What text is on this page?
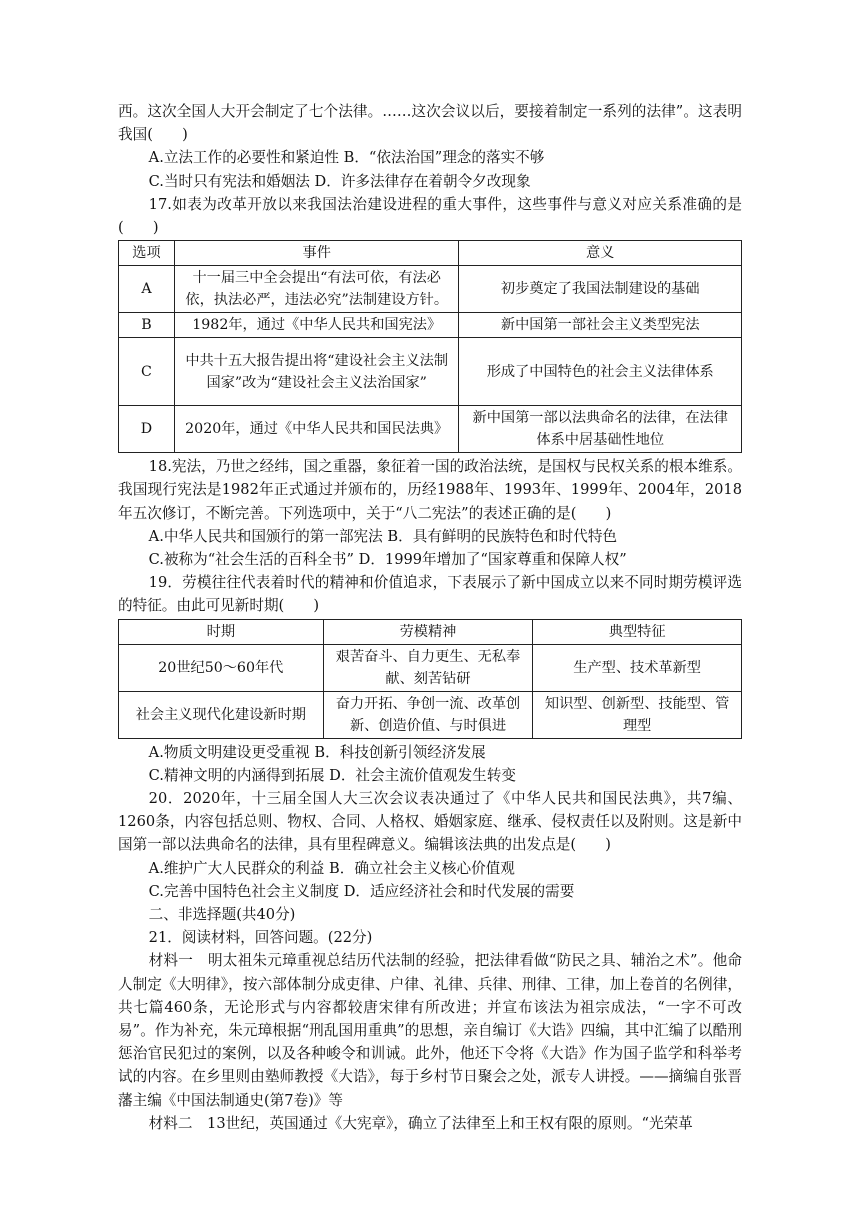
西。这次全国人大开会制定了七个法律。……这次会议以后，要接着制定一系列的法律”。这表明我国(　　)

A.立法工作的必要性和紧迫性 B．“依法治国”理念的落实不够

C.当时只有宪法和婚姻法 D．许多法律存在着朝令夕改现象

17.如表为改革开放以来我国法治建设进程的重大事件，这些事件与意义对应关系准确的是(　　)

选项	事件	意义
A	十一届三中全会提出“有法可依，有法必依，执法必严，违法必究”法制建设方针。	初步奠定了我国法制建设的基础
B	1982年，通过《中华人民共和国宪法》	新中国第一部社会主义类型宪法
C	中共十五大报告提出将“建设社会主义法制国家”改为“建设社会主义法治国家”	形成了中国特色的社会主义法律体系
D	2020年，通过《中华人民共和国民法典》	新中国第一部以法典命名的法律，在法律体系中居基础性地位

18.宪法，乃世之经纬，国之重器，象征着一国的政治法统，是国权与民权关系的根本维系。我国现行宪法是1982年正式通过并颁布的，历经1988年、1993年、1999年、2004年，2018年五次修订，不断完善。下列选项中，关于“八二宪法”的表述正确的是(　　)

A.中华人民共和国颁行的第一部宪法 B．具有鲜明的民族特色和时代特色

C.被称为“社会生活的百科全书” D．1999年增加了“国家尊重和保障人权”

19．劳模往往代表着时代的精神和价值追求，下表展示了新中国成立以来不同时期劳模评选的特征。由此可见新时期(　　)

时期	劳模精神	典型特征
20世纪50～60年代	艰苦奋斗、自力更生、无私奉献、刻苦钻研	生产型、技术革新型
社会主义现代化建设新时期	奋力开拓、争创一流、改革创新、创造价值、与时俱进	知识型、创新型、技能型、管理型

A.物质文明建设更受重视 B．科技创新引领经济发展

C.精神文明的内涵得到拓展 D．社会主流价值观发生转变

20．2020年，十三届全国人大三次会议表决通过了《中华人民共和国民法典》，共7编、1260条，内容包括总则、物权、合同、人格权、婚姻家庭、继承、侵权责任以及附则。这是新中国第一部以法典命名的法律，具有里程碑意义。编辑该法典的出发点是(　　)

A.维护广大人民群众的利益 B．确立社会主义核心价值观

C.完善中国特色社会主义制度 D．适应经济社会和时代发展的需要

二、非选择题(共40分)

21．阅读材料，回答问题。(22分)

材料一　明太祖朱元璋重视总结历代法制的经验，把法律看做“防民之具、辅治之术”。他命人制定《大明律》，按六部体制分成吏律、户律、礼律、兵律、刑律、工律，加上卷首的名例律，共七篇460条，无论形式与内容都较唐宋律有所改进；并宣布该法为祖宗成法，“一字不可改易”。作为补充，朱元璋根据“刑乱国用重典”的思想，亲自编订《大诰》四编，其中汇编了以酷刑惩治官民犯过的案例，以及各种峻令和训诫。此外，他还下令将《大诰》作为国子监学和科举考试的内容。在乡里则由塾师教授《大诰》，每于乡村节日聚会之处，派专人讲授。——摘编自张晋藩主编《中国法制通史(第7卷)》等

材料二　13世纪，英国通过《大宪章》，确立了法律至上和王权有限的原则。“光荣革
